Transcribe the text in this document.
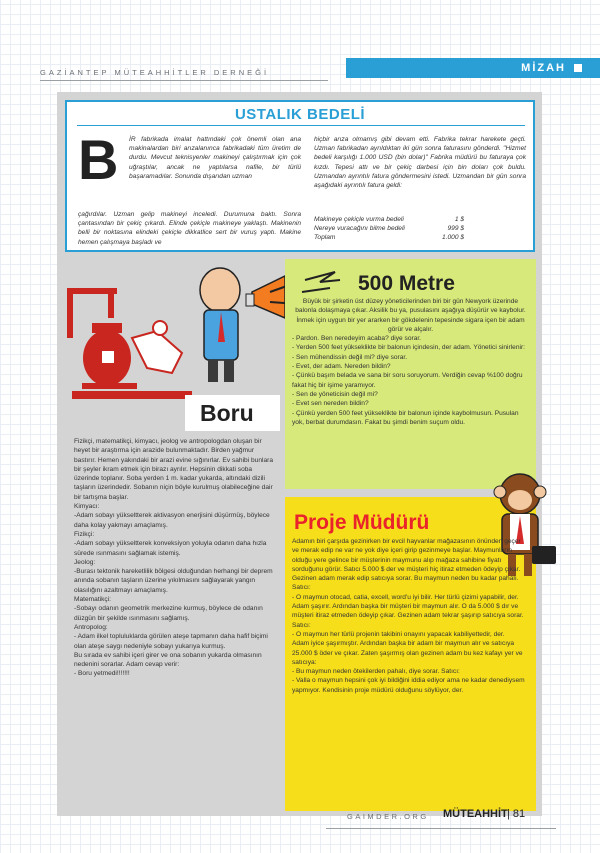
GAZİANTEP MÜTEAHHİTLER DERNEĞİ	MİZAH
USTALIK BEDELİ
B İR fabrikada imalat hattındaki çok önemli olan ana makinalardan biri arızalanınca fabrikadaki tüm üretim de durdu. Mevcut teknisyenler makineyi çalıştırmak için çok uğraştılar, ancak ne yaptılarsa nafile, bir türlü başaramadılar. Sonunda dışarıdan uzman
çağırdılar. Uzman gelip makineyi inceledi. Durumuna baktı. Sonra çantasından bir çekiç çıkardı. Elinde çekiçle makineye yaklaştı. Makinenin belli bir noktasına elindeki çekiçle dikkatlice sert bir vuruş yaptı. Makine hemen çalışmaya başladı ve
hiçbir arıza olmamış gibi devam etti. Fabrika tekrar harekete geçti. Uzman fabrikadan ayrıldıktan iki gün sonra faturasını gönderdi. "Hizmet bedeli karşılığı 1.000 USD (bin dolar)" Fabrika müdürü bu faturaya çok kızdı. Tepesi attı ve bir çekiç darbesi için bin doları çok buldu. Uzmandan ayrıntılı fatura göndermesini istedi. Uzmandan bir gün sonra aşağıdaki ayrıntılı fatura geldi:
Makineye çekiçle vurma bedeli	1 $
Nereye vuracağını bilme bedeli	999 $
Toplam	1.000 $
500 Metre
Büyük bir şirketin üst düzey yöneticilerinden biri bir gün Newyork üzerinde balonla dolaşmaya çıkar. Aksilik bu ya, pusulasını aşağıya düşürür ve kaybolur. İnmek için uygun bir yer ararken bir gökdelenin tepesinde sigara içen bir adam görür ve alçalır.
- Pardon. Ben neredeyim acaba? diye sorar.
- Yerden 500 feet yükseklikte bir balonun içindesin, der adam. Yönetici sinirlenir:
- Sen mühendissin değil mi? diye sorar.
- Evet, der adam. Nereden bildin?
- Çünkü başım belada ve sana bir soru soruyorum. Verdiğin cevap %100 doğru fakat hiç bir işime yaramıyor.
- Sen de yöneticisin değil mi?
- Evet sen nereden bildin?
- Çünkü yerden 500 feet yükseklikte bir balonun içinde kaybolmusun. Pusulan yok, berbat durumdasın. Fakat bu şimdi benim suçum oldu.
Boru
Fizikçi, matematikçi, kimyacı, jeolog ve antropologdan oluşan bir heyet bir araştırma için arazide bulunmaktadır. Birden yağmur bastırır. Hemen yakındaki bir arazi evine sığınırlar. Ev sahibi bunlara bir şeyler ikram etmek için birazı ayrılır. Hepsinin dikkati soba üzerinde toplanır. Soba yerden 1 m. kadar yukarda, altındaki dizili taşların üzerindedir. Sobanın niçin böyle kurulmuş olabileceğine dair bir tartışma başlar.
Kimyacı:
-Adam sobayı yükseltterek aktivasyon enerjisini düşürmüş, böylece daha kolay yakmayı amaçlamış.
Fizikçi:
-Adam sobayı yükseltterek konveksiyon yoluyla odanın daha hızla sürede ısınmasını sağlamak istemiş.
Jeolog:
-Burası tektonik hareketlilik bölgesi olduğundan herhangi bir deprem anında sobanın taşların üzerine yıkılmasını sağlayarak yangın olasılığını azaltmayı amaçlamış.
Matematikçi:
-Sobayı odanın geometrik merkezine kurmuş, böylece de odanın düzgün bir şekilde ısınmasını sağlamış.
Antropolog:
- Adam ilkel topluluklarda görülen ateşe tapmanın daha hafif biçimi olan ateşe saygı nedeniyle sobayı yukarıya kurmuş.
Bu sırada ev sahibi içeri girer ve ona sobanın yukarda olmasının nedenini sorarlar. Adam cevap verir:
- Boru yetmedi!!!!!!!
Proje Müdürü
Adamın biri çarşıda gezinirken bir evcil hayvanlar mağazasının önünden geçer ve merak edip ne var ne yok diye içeri girip gezinmeye başlar. Maymunların olduğu yere gelince bir müşterinin maymunu alıp mağaza sahibine fiyatı sorduğunu görür. Satıcı 5.000 $ der ve müşteri hiç itiraz etmeden ödeyip çıkar. Gezinen adam merak edip satıcıya sorar. Bu maymun neden bu kadar pahalı. Satıcı:
- O maymun otocad, catia, excell, word'u iyi bilir. Her türlü çizimi yapabilir, der.
Adam şaşırır. Ardından başka bir müşteri bir maymun alır. O da 5.000 $ dır ve müşteri itiraz etmeden ödeyip çıkar. Gezinen adam tekrar şaşırıp satıcıya sorar. Satıcı:
- O maymun her türlü projenin takibini onayını yapacak kabiliyettedir, der.
Adam iyice şaşırmıştır. Ardından başka bir adam bir maymun alır ve satıcıya 25.000 $ öder ve çıkar. Zaten şaşırmış olan gezinen adam bu kez kafayı yer ve satıcıya:
- Bu maymun neden ötekilerden pahalı, diye sorar. Satıcı:
- Valla o maymun hepsini çok iyi bildiğini iddia ediyor ama ne kadar denediysem yapmıyor. Kendisinin proje müdürü olduğunu söylüyor, der.
GAIMDER.ORG MÜTEAHHİT | 81
